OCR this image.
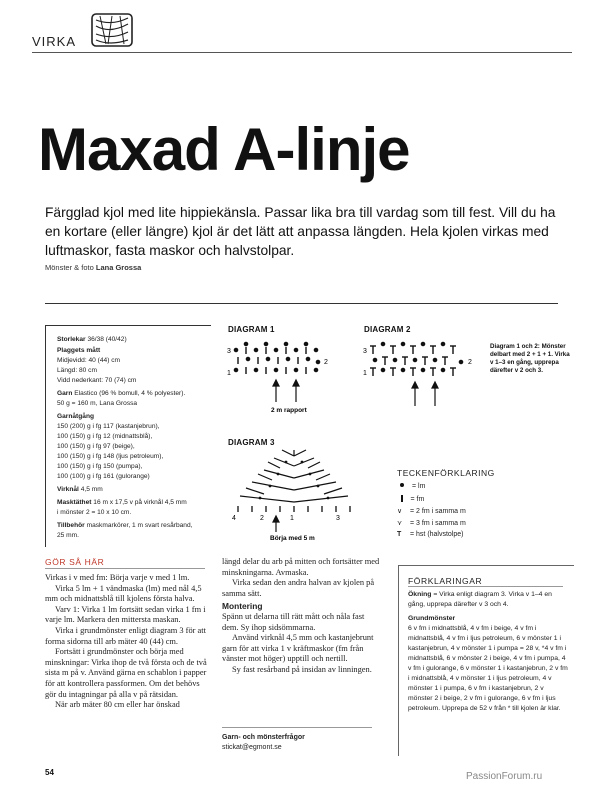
VIRKA
Maxad A-linje
Färgglad kjol med lite hippiekänsla. Passar lika bra till vardag som till fest. Vill du ha en kortare (eller längre) kjol är det lätt att anpassa längden. Hela kjolen virkas med luftmaskor, fasta maskor och halvstolpar.
Mönster & foto Lana Grossa

Storlekar 36/38 (40/42)

Plaggets mått
Midjevidd: 40 (44) cm
Längd: 80 cm
Vidd nederkant: 70 (74) cm

Garn Elastico (96 % bomull, 4 % polyester).
50 g = 160 m, Lana Grossa

Garnåtgång
150 (200) g i fg 117 (kastanjebrun),
100 (150) g i fg 12 (midnattsblå),
100 (150) g i fg 97 (beige),
100 (150) g i fg 148 (ljus petroleum),
100 (150) g i fg 150 (pumpa),
100 (100) g i fg 161 (gulorange)

Virknål 4,5 mm

Masktäthet 16 m x 17,5 v på virknål 4,5 mm
i mönster 2 = 10 x 10 cm.

Tillbehör maskmarkörer, 1 m svart resårband,
25 mm.

DIAGRAM 1
3
2
1
2 m rapport
DIAGRAM 2
3
2
1
Diagram 1 och 2: Mönster delbart med 2 + 1 + 1. Virka v 1–3 en gång, upprepa därefter v 2 och 3.
DIAGRAM 3
4	2	1	3
Börja med 5 m
TECKENFÖRKLARING
= lm
= fm
∨ = 2 fm i samma m
⋎ = 3 fm i samma m
T = hst (halvstolpe)
GÖR SÅ HÄR

Virkas i v med fm: Börja varje v med 1 lm.

Virka 5 lm + 1 vändmaska (lm) med nål 4,5 mm och midnattsblå till kjolens första halva.

Varv 1: Virka 1 lm fortsätt sedan virka 1 fm i varje lm. Markera den mittersta maskan.

Virka i grundmönster enligt diagram 3 för att forma sidorna till arb mäter 40 (44) cm.

Fortsätt i grundmönster och börja med minskningar: Virka ihop de två första och de två sista m på v. Använd gärna en schablon i papper för att kontrollera passformen. Om det behövs gör du intagningar på alla v på rätsidan.

När arb mäter 80 cm eller har önskad

längd delar du arb på mitten och fortsätter med minskningarna. Avmaska.

Virka sedan den andra halvan av kjolen på samma sätt.

Montering

Spänn ut delarna till rätt mått och nåla fast dem. Sy ihop sidsömmarna.

Använd virknål 4,5 mm och kastanjebrunt garn för att virka 1 v kräftmaskor (fm från vänster mot höger) upptill och nertill.

Sy fast resårband på insidan av linningen.

Garn- och mönsterfrågor
stickat@egmont.se
FÖRKLARINGAR

Ökning = Virka enligt diagram 3. Virka v 1–4 en gång, upprepa därefter v 3 och 4.

Grundmönster

6 v fm i midnattsblå, 4 v fm i beige, 4 v fm i midnattsblå, 4 v fm i ljus petroleum, 6 v mönster 1 i kastanjebrun, 4 v mönster 1 i pumpa = 28 v, *4 v fm i midnattsblå, 6 v mönster 2 i beige, 4 v fm i pumpa, 4 v fm i gulorange, 6 v mönster 1 i kastanjebrun, 2 v fm i midnattsblå, 4 v mönster 1 i ljus petroleum, 4 v mönster 1 i pumpa, 6 v fm i kastanjebrun, 2 v mönster 2 i beige, 2 v fm i gulorange, 6 v fm i ljus petroleum. Upprepa de 52 v från * till kjolen är klar.

54	PassionForum.ru
